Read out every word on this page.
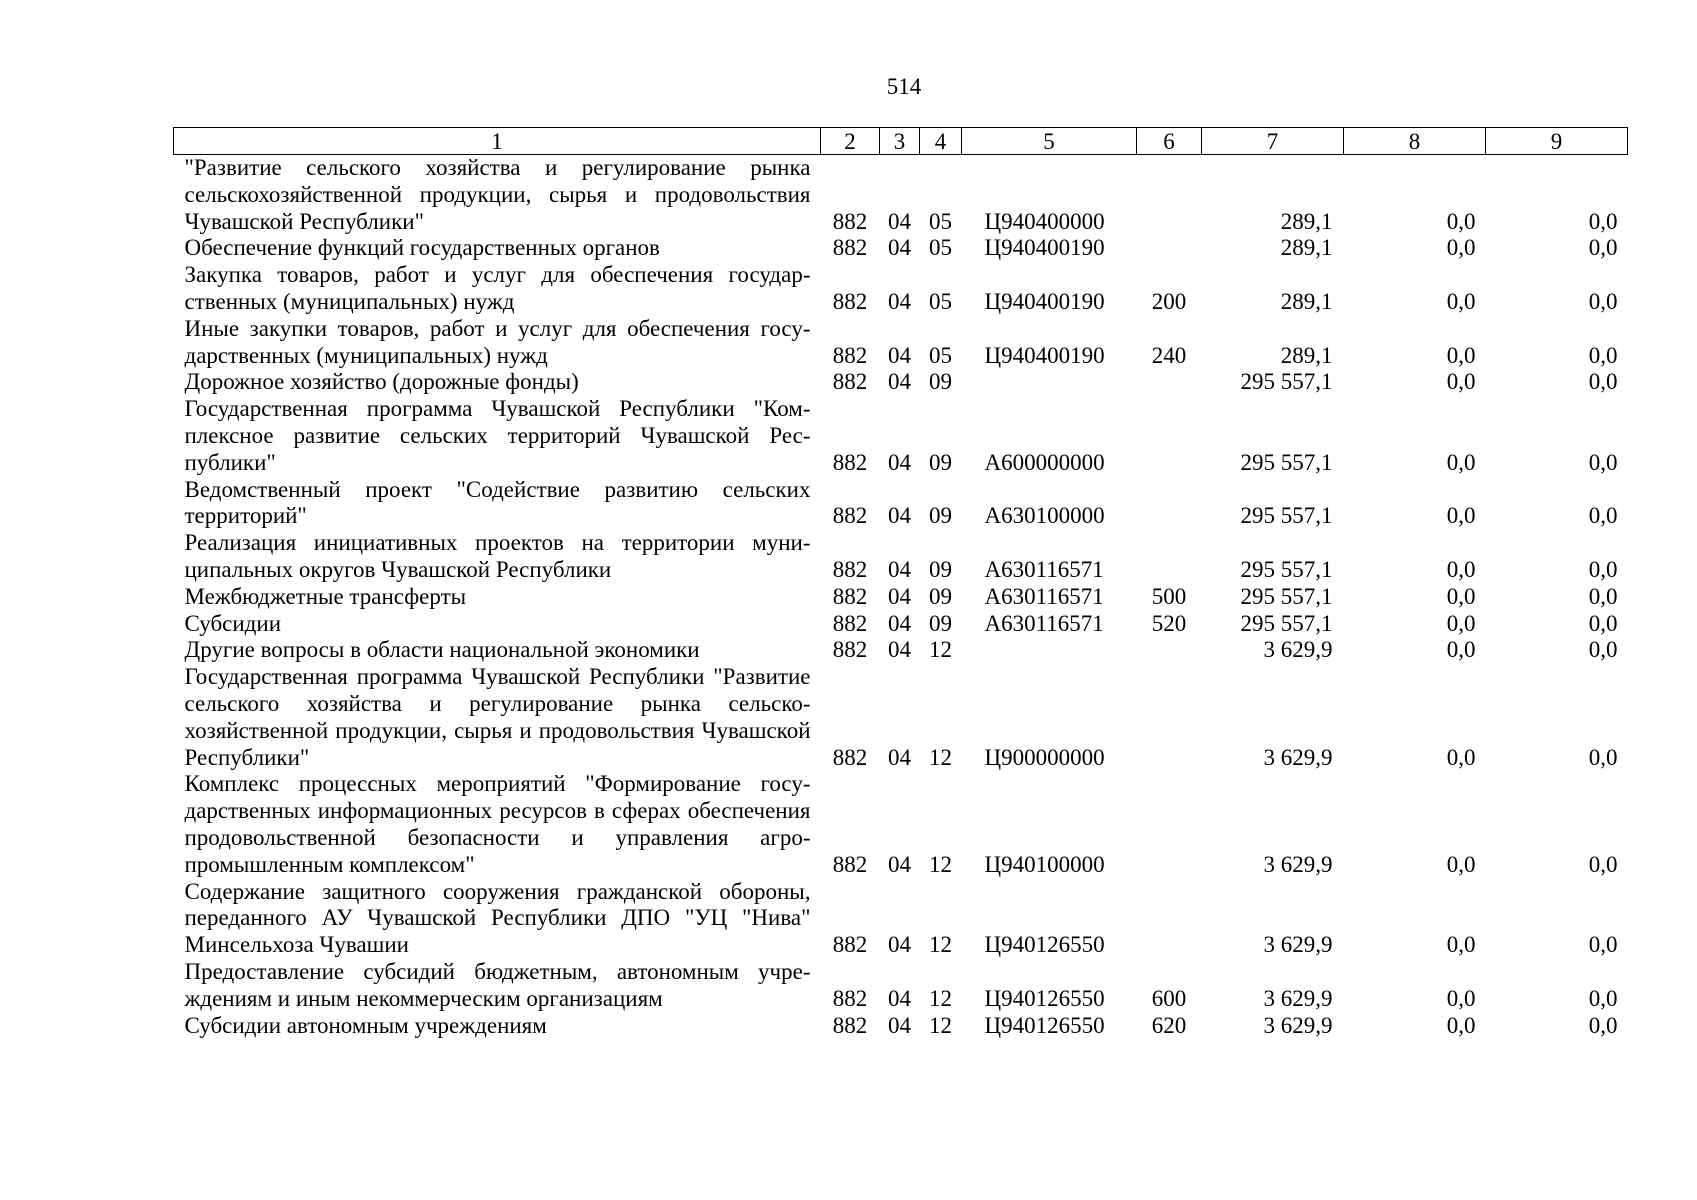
514
1	2	3	4	5	6	7	8	9
"Развитие сельского хозяйства и регулирование рынка сельскохозяйственной продукции, сырья и продовольствия Чувашской Республики"	882	04	05	Ц940400000		289,1	0,0	0,0
Обеспечение функций государственных органов	882	04	05	Ц940400190		289,1	0,0	0,0
Закупка товаров, работ и услуг для обеспечения государственных (муниципальных) нужд	882	04	05	Ц940400190	200	289,1	0,0	0,0
Иные закупки товаров, работ и услуг для обеспечения государственных (муниципальных) нужд	882	04	05	Ц940400190	240	289,1	0,0	0,0
Дорожное хозяйство (дорожные фонды)	882	04	09			295 557,1	0,0	0,0
Государственная программа Чувашской Республики "Комплексное развитие сельских территорий Чувашской Республики"	882	04	09	А600000000		295 557,1	0,0	0,0
Ведомственный проект "Содействие развитию сельских территорий"	882	04	09	А630100000		295 557,1	0,0	0,0
Реализация инициативных проектов на территории муниципальных округов Чувашской Республики	882	04	09	А630116571		295 557,1	0,0	0,0
Межбюджетные трансферты	882	04	09	А630116571	500	295 557,1	0,0	0,0
Субсидии	882	04	09	А630116571	520	295 557,1	0,0	0,0
Другие вопросы в области национальной экономики	882	04	12			3 629,9	0,0	0,0
Государственная программа Чувашской Республики "Развитие сельского хозяйства и регулирование рынка сельскохозяйственной продукции, сырья и продовольствия Чувашской Республики"	882	04	12	Ц900000000		3 629,9	0,0	0,0
Комплекс процессных мероприятий "Формирование государственных информационных ресурсов в сферах обеспечения продовольственной безопасности и управления агропромышленным комплексом"	882	04	12	Ц940100000		3 629,9	0,0	0,0
Содержание защитного сооружения гражданской обороны, переданного АУ Чувашской Республики ДПО "УЦ "Нива" Минсельхоза Чувашии	882	04	12	Ц940126550		3 629,9	0,0	0,0
Предоставление субсидий бюджетным, автономным учреждениям и иным некоммерческим организациям	882	04	12	Ц940126550	600	3 629,9	0,0	0,0
Субсидии автономным учреждениям	882	04	12	Ц940126550	620	3 629,9	0,0	0,0
